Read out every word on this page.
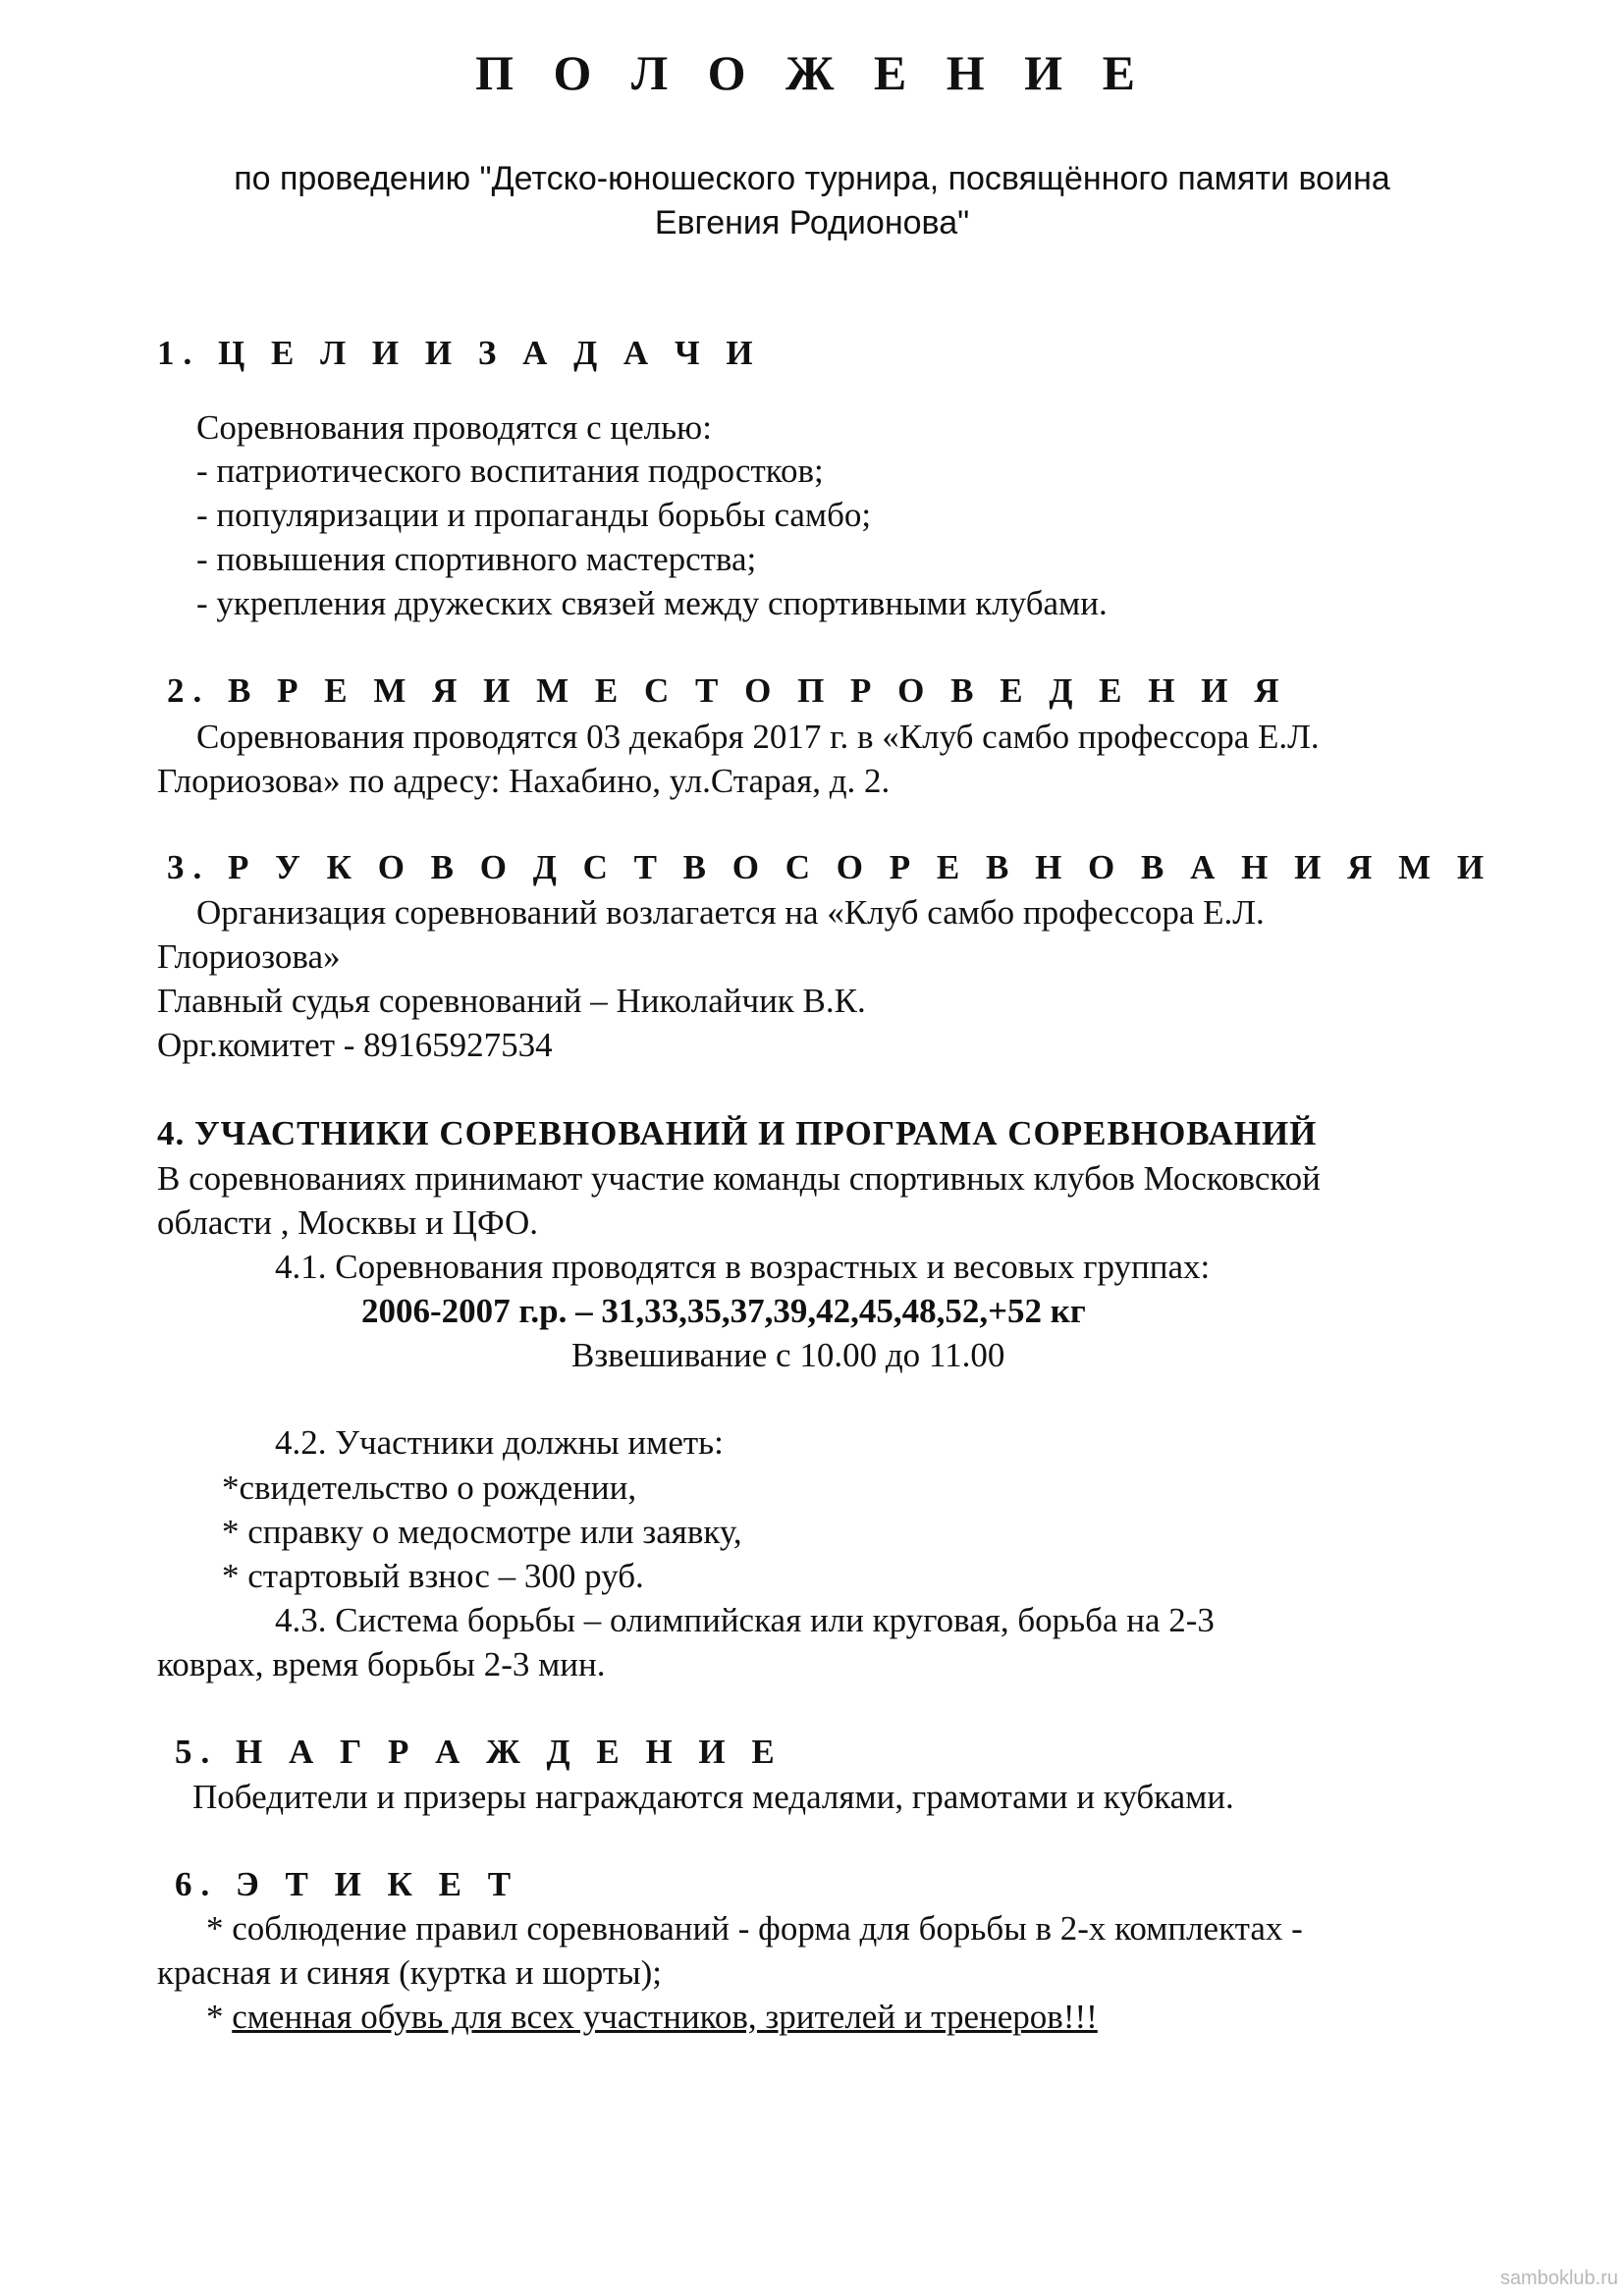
П О Л О Ж Е Н И Е
по проведению "Детско-юношеского турнира, посвящённого памяти воина
Евгения Родионова"
1. Ц Е Л И И З А Д А Ч И
Соревнования проводятся с целью:
- патриотического воспитания подростков;
- популяризации и пропаганды борьбы самбо;
- повышения спортивного мастерства;
- укрепления дружеских связей между спортивными клубами.
2. В Р Е М Я И М Е С Т О П Р О В Е Д Е Н И Я
Соревнования проводятся 03 декабря 2017 г. в «Клуб самбо профессора Е.Л.
Глориозова» по адресу: Нахабино, ул.Старая, д. 2.
3. Р У К О В О Д С Т В О С О Р Е В Н О В А Н И Я М И
Организация соревнований возлагается на «Клуб самбо профессора Е.Л.
Глориозова»
Главный судья соревнований – Николайчик В.К.
Орг.комитет - 89165927534
4. УЧАСТНИКИ СОРЕВНОВАНИЙ И ПРОГРАМА СОРЕВНОВАНИЙ
В соревнованиях принимают участие команды спортивных клубов Московской
области , Москвы и ЦФО.
4.1. Соревнования проводятся в возрастных и весовых группах:
2006-2007 г.р. – 31,33,35,37,39,42,45,48,52,+52 кг
Взвешивание с 10.00 до 11.00
4.2. Участники должны иметь:
*свидетельство о рождении,
* справку о медосмотре или заявку,
* стартовый взнос – 300 руб.
4.3. Система борьбы – олимпийская или круговая, борьба на 2-3
коврах, время борьбы 2-3 мин.
5. Н А Г Р А Ж Д Е Н И Е
Победители и призеры награждаются медалями, грамотами и кубками.
6. Э Т И К Е Т
* соблюдение правил соревнований - форма для борьбы в 2-х комплектах -
красная и синяя (куртка и шорты);
* сменная обувь для всех участников, зрителей и тренеров!!!
samboklub.ru
